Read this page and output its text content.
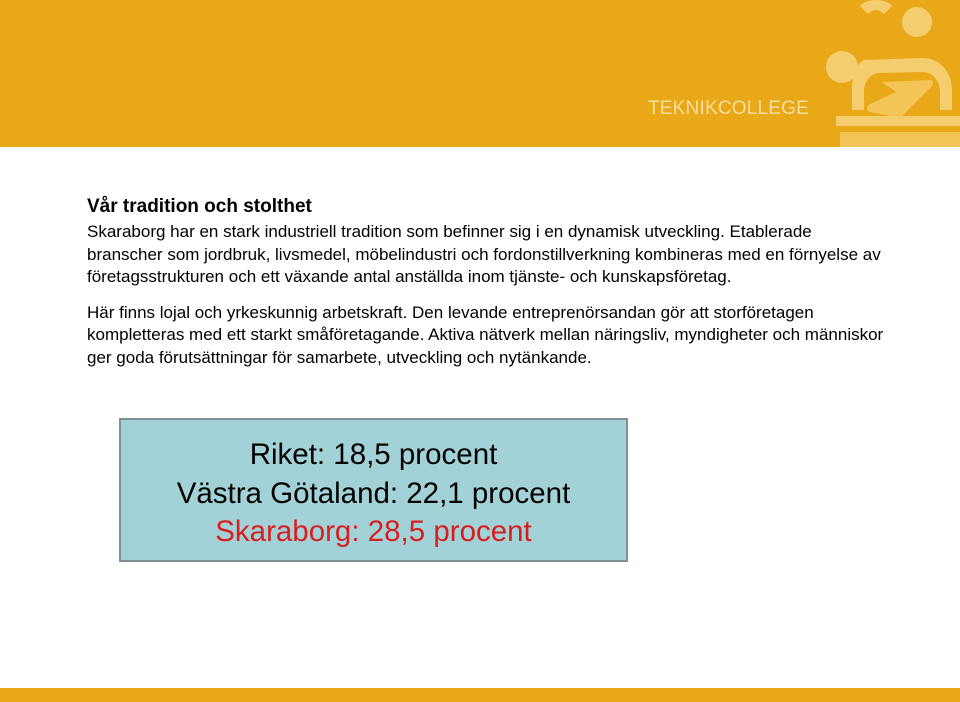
TEKNIKCOLLEGE
Vår tradition och stolthet

Skaraborg har en stark industriell tradition som befinner sig i en dynamisk utveckling. Etablerade branscher som jordbruk, livsmedel, möbelindustri och fordonstillverkning kombineras med en förnyelse av företagsstrukturen och ett växande antal anställda inom tjänste- och kunskapsföretag.

Här finns lojal och yrkeskunnig arbetskraft. Den levande entreprenörsandan gör att storföretagen kompletteras med ett starkt småföretagande. Aktiva nätverk mellan näringsliv, myndigheter och människor ger goda förutsättningar för samarbete, utveckling och nytänkande.

Riket: 18,5 procent
Västra Götaland: 22,1 procent
Skaraborg: 28,5 procent
